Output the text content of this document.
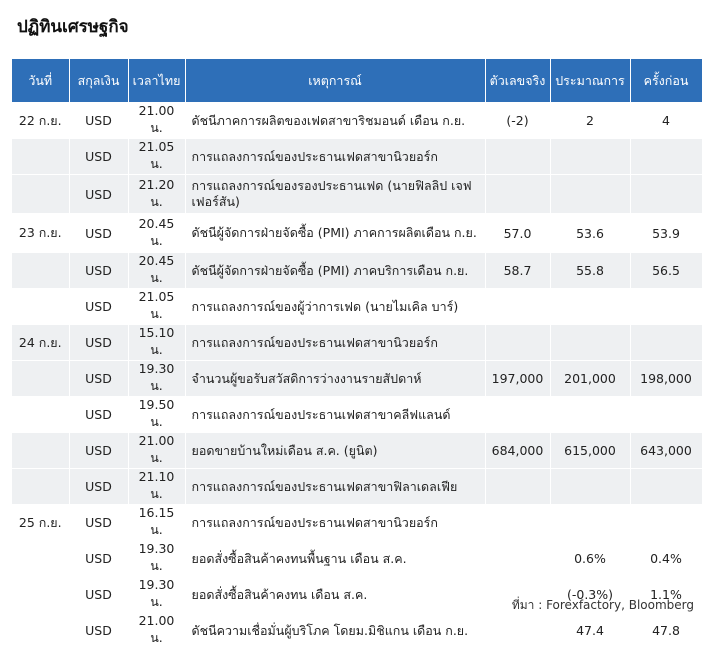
ปฏิทินเศรษฐกิจ
วันที่	สกุลเงิน	เวลาไทย	เหตุการณ์	ตัวเลขจริง	ประมาณการ	ครั้งก่อน
22 ก.ย.	USD	21.00 น.	ดัชนีภาคการผลิตของเฟดสาขาริชมอนด์ เดือน ก.ย.	(-2)	2	4
	USD	21.05 น.	การแถลงการณ์ของประธานเฟดสาขานิวยอร์ก			
	USD	21.20 น.	การแถลงการณ์ของรองประธานเฟด (นายฟิลลิป เจฟเฟอร์สัน)			
23 ก.ย.	USD	20.45 น.	ดัชนีผู้จัดการฝ่ายจัดซื้อ (PMI) ภาคการผลิตเดือน ก.ย.	57.0	53.6	53.9
	USD	20.45 น.	ดัชนีผู้จัดการฝ่ายจัดซื้อ (PMI) ภาคบริการเดือน ก.ย.	58.7	55.8	56.5
	USD	21.05 น.	การแถลงการณ์ของผู้ว่าการเฟด (นายไมเคิล บาร์)			
24 ก.ย.	USD	15.10 น.	การแถลงการณ์ของประธานเฟดสาขานิวยอร์ก			
	USD	19.30 น.	จำนวนผู้ขอรับสวัสดิการว่างงานรายสัปดาห์	197,000	201,000	198,000
	USD	19.50 น.	การแถลงการณ์ของประธานเฟดสาขาคลีฟแลนด์			
	USD	21.00 น.	ยอดขายบ้านใหม่เดือน ส.ค. (ยูนิต)	684,000	615,000	643,000
	USD	21.10 น.	การแถลงการณ์ของประธานเฟดสาขาฟิลาเดลเฟีย			
25 ก.ย.	USD	16.15 น.	การแถลงการณ์ของประธานเฟดสาขานิวยอร์ก			
	USD	19.30 น.	ยอดสั่งซื้อสินค้าคงทนพื้นฐาน เดือน ส.ค.		0.6%	0.4%
	USD	19.30 น.	ยอดสั่งซื้อสินค้าคงทน เดือน ส.ค.		(-0.3%)	1.1%
	USD	21.00 น.	ดัชนีความเชื่อมั่นผู้บริโภค โดยม.มิชิแกน เดือน ก.ย.		47.4	47.8
ที่มา : Forexfactory, Bloomberg
